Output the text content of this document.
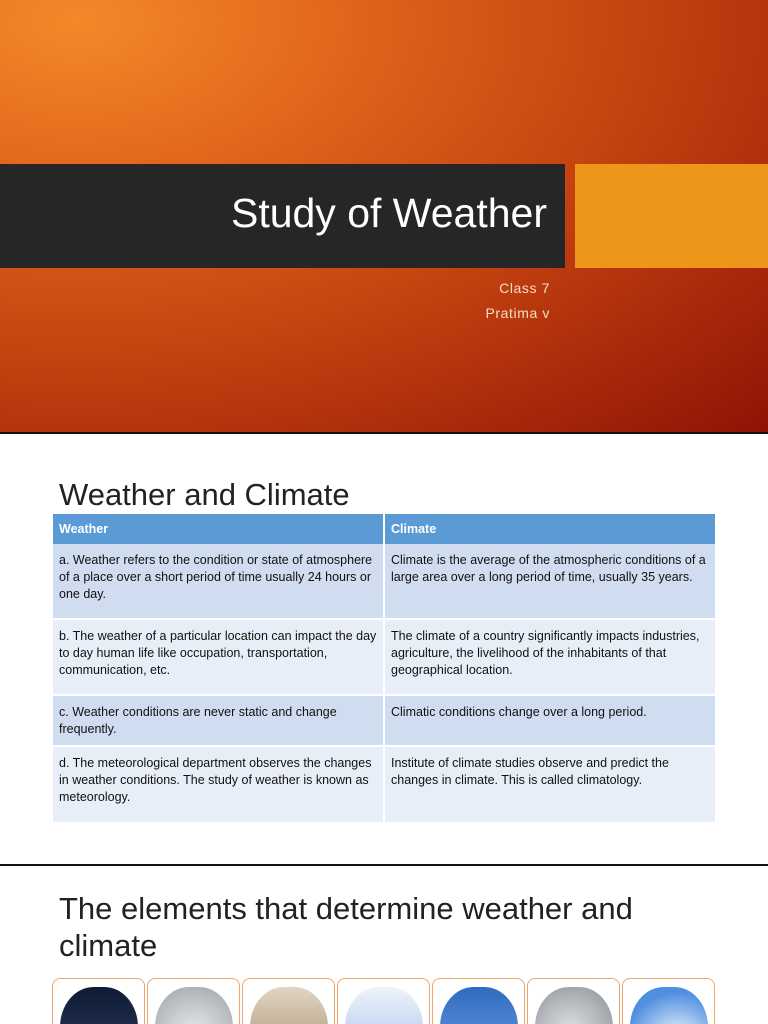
Study of Weather
Class 7
Pratima v
Weather and Climate
Weather	Climate
a. Weather refers to the condition or state of atmosphere of a place over a short period of time usually 24 hours or one day.	Climate is the average of the atmospheric conditions of a large area over a long period of time, usually 35 years.
b. The weather of a particular location can impact the day to day human life like occupation, transportation, communication, etc.	The climate of a country significantly impacts industries, agriculture, the livelihood of the inhabitants of that geographical location.
c. Weather conditions are never static and change frequently.	Climatic conditions change over a long period.
d. The meteorological department observes the changes in weather conditions. The study of weather is known as meteorology.	Institute of climate studies observe and predict the changes in climate. This is called climatology.
The elements that determine weather and climate
